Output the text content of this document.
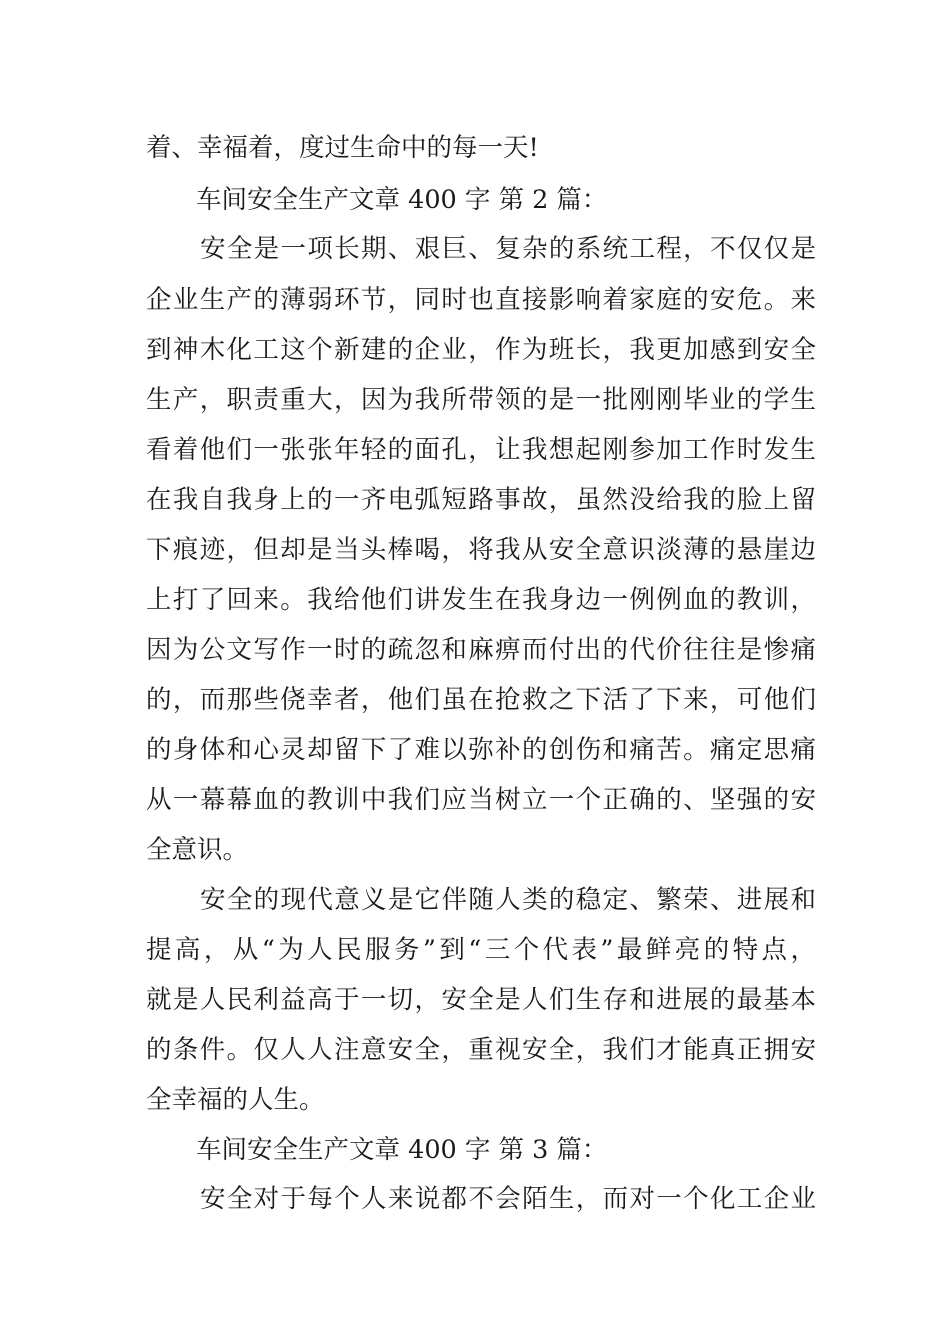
着、幸福着，度过生命中的每一天!
车间安全生产文章 400 字 第 2 篇：
安全是一项长期、艰巨、复杂的系统工程，不仅仅是
企业生产的薄弱环节，同时也直接影响着家庭的安危。来
到神木化工这个新建的企业，作为班长，我更加感到安全
生产，职责重大，因为我所带领的是一批刚刚毕业的学生
看着他们一张张年轻的面孔，让我想起刚参加工作时发生
在我自我身上的一齐电弧短路事故，虽然没给我的脸上留
下痕迹，但却是当头棒喝，将我从安全意识淡薄的悬崖边
上打了回来。我给他们讲发生在我身边一例例血的教训，
因为公文写作一时的疏忽和麻痹而付出的代价往往是惨痛
的，而那些侥幸者，他们虽在抢救之下活了下来，可他们
的身体和心灵却留下了难以弥补的创伤和痛苦。痛定思痛
从一幕幕血的教训中我们应当树立一个正确的、坚强的安
全意识。
安全的现代意义是它伴随人类的稳定、繁荣、进展和
提高，从“为人民服务”到“三个代表”最鲜亮的特点，
就是人民利益高于一切，安全是人们生存和进展的最基本
的条件。仅人人注意安全，重视安全，我们才能真正拥安
全幸福的人生。
车间安全生产文章 400 字 第 3 篇：
安全对于每个人来说都不会陌生，而对一个化工企业
